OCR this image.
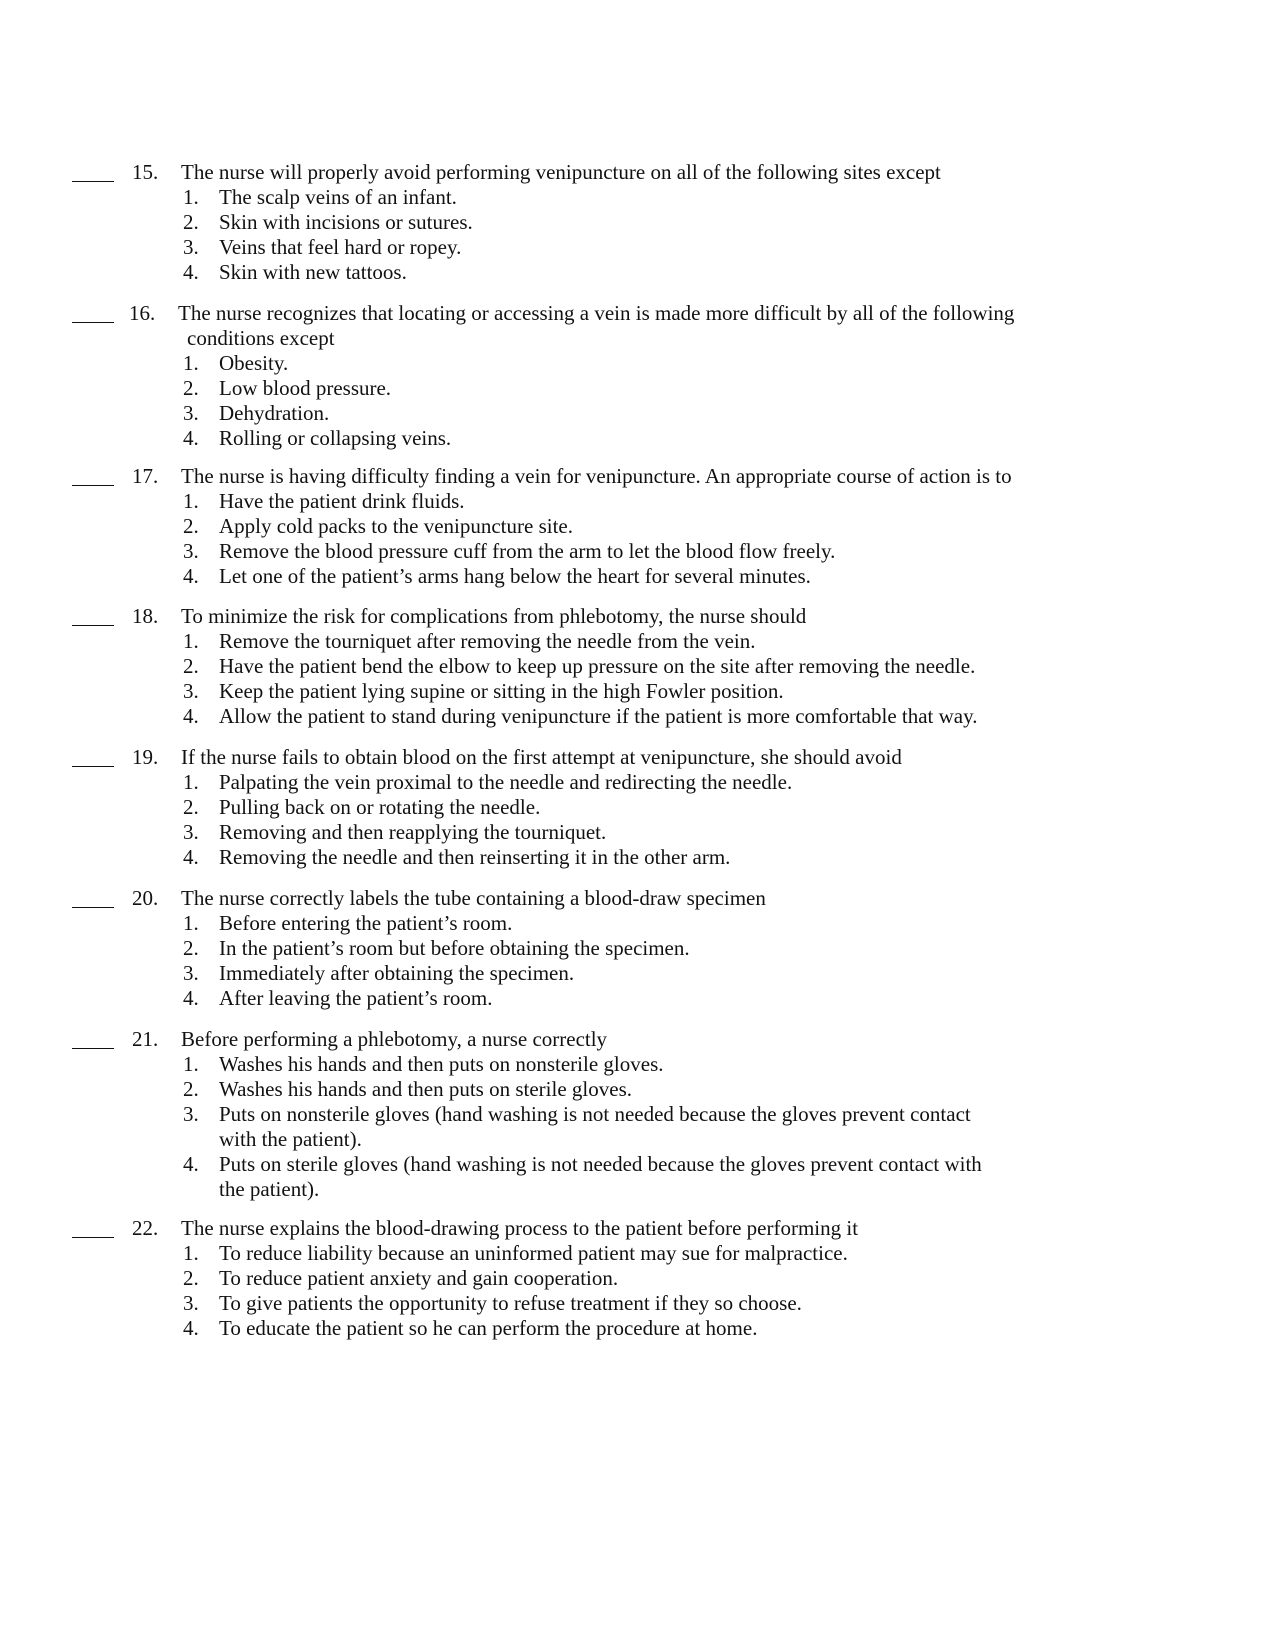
15. The nurse will properly avoid performing venipuncture on all of the following sites except
1. The scalp veins of an infant.
2. Skin with incisions or sutures.
3. Veins that feel hard or ropey.
4. Skin with new tattoos.
16. The nurse recognizes that locating or accessing a vein is made more difficult by all of the following
conditions except
1. Obesity.
2. Low blood pressure.
3. Dehydration.
4. Rolling or collapsing veins.
17. The nurse is having difficulty finding a vein for venipuncture. An appropriate course of action is to
1. Have the patient drink fluids.
2. Apply cold packs to the venipuncture site.
3. Remove the blood pressure cuff from the arm to let the blood flow freely.
4. Let one of the patient’s arms hang below the heart for several minutes.
18. To minimize the risk for complications from phlebotomy, the nurse should
1. Remove the tourniquet after removing the needle from the vein.
2. Have the patient bend the elbow to keep up pressure on the site after removing the needle.
3. Keep the patient lying supine or sitting in the high Fowler position.
4. Allow the patient to stand during venipuncture if the patient is more comfortable that way.
19. If the nurse fails to obtain blood on the first attempt at venipuncture, she should avoid
1. Palpating the vein proximal to the needle and redirecting the needle.
2. Pulling back on or rotating the needle.
3. Removing and then reapplying the tourniquet.
4. Removing the needle and then reinserting it in the other arm.
20. The nurse correctly labels the tube containing a blood-draw specimen
1. Before entering the patient’s room.
2. In the patient’s room but before obtaining the specimen.
3. Immediately after obtaining the specimen.
4. After leaving the patient’s room.
21. Before performing a phlebotomy, a nurse correctly
1. Washes his hands and then puts on nonsterile gloves.
2. Washes his hands and then puts on sterile gloves.
3. Puts on nonsterile gloves (hand washing is not needed because the gloves prevent contact
with the patient).
4. Puts on sterile gloves (hand washing is not needed because the gloves prevent contact with
the patient).
22. The nurse explains the blood-drawing process to the patient before performing it
1. To reduce liability because an uninformed patient may sue for malpractice.
2. To reduce patient anxiety and gain cooperation.
3. To give patients the opportunity to refuse treatment if they so choose.
4. To educate the patient so he can perform the procedure at home.
